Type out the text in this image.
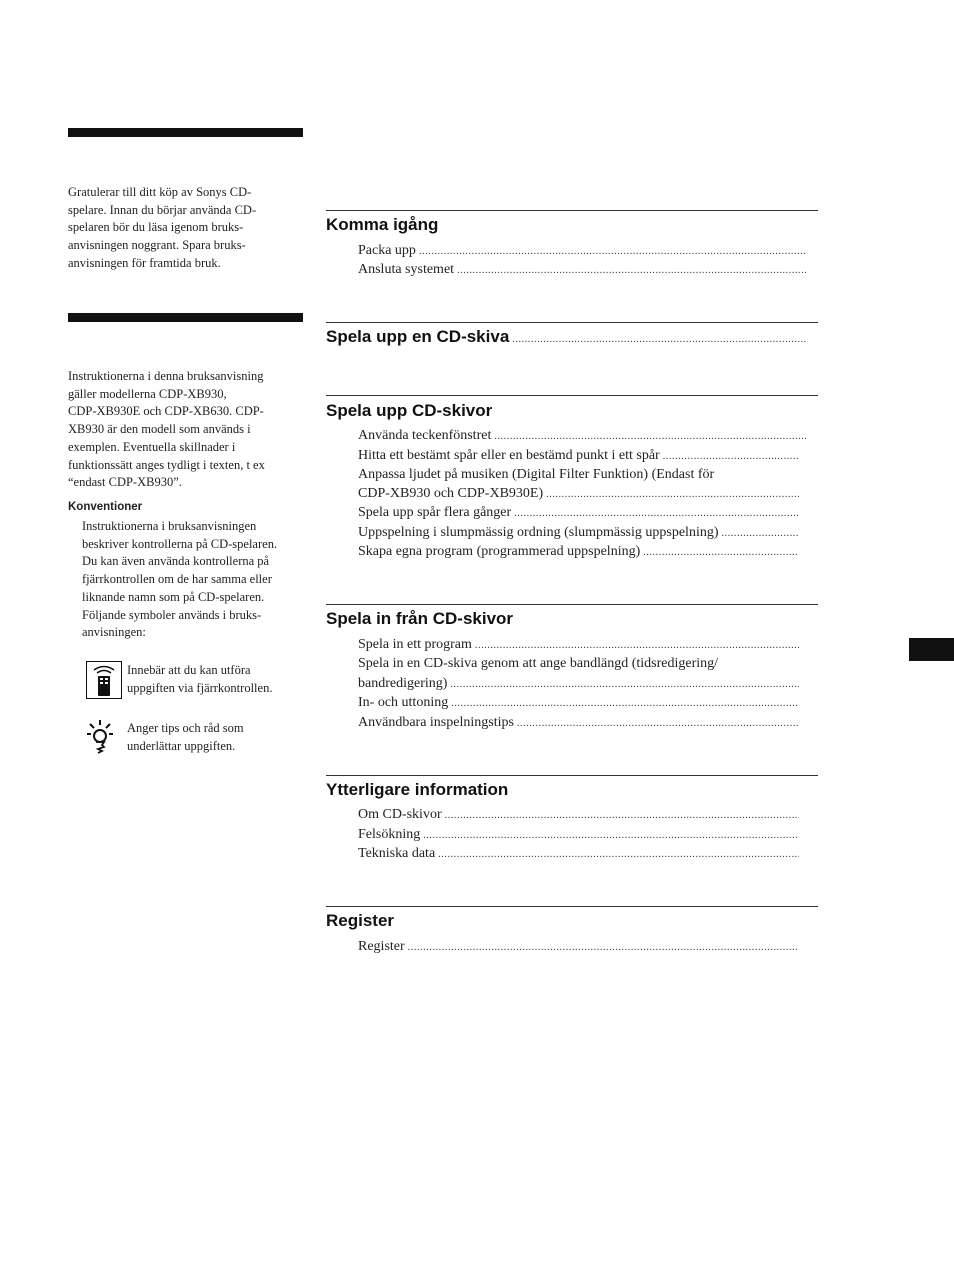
Gratulerar till ditt köp av Sonys CD-
spelare. Innan du börjar använda CD-
spelaren bör du läsa igenom bruks-
anvisningen noggrant. Spara bruks-
anvisningen för framtida bruk.
Instruktionerna i denna bruksanvisning
gäller modellerna CDP-XB930,
CDP-XB930E och CDP-XB630. CDP-
XB930 är den modell som används i
exemplen. Eventuella skillnader i
funktionssätt anges tydligt i texten, t ex
“endast CDP-XB930”.
Konventioner
Instruktionerna i bruksanvisningen
beskriver kontrollerna på CD-spelaren.
Du kan även använda kontrollerna på
fjärrkontrollen om de har samma eller
liknande namn som på CD-spelaren.
Följande symboler används i bruks-
anvisningen:
Innebär att du kan utföra
uppgiften via fjärrkontrollen.
Anger tips och råd som
underlättar uppgiften.
Komma igång
Packa upp
.....
Ansluta systemet
.....
Spela upp en CD-skiva
.....
Spela upp CD-skivor
Använda teckenfönstret
.....
Hitta ett bestämt spår eller en bestämd punkt i ett spår
.....
Anpassa ljudet på musiken (Digital Filter Funktion) (Endast för
CDP-XB930 och CDP-XB930E)
.....
Spela upp spår flera gånger
.....
Uppspelning i slumpmässig ordning (slumpmässig uppspelning)
.....
Skapa egna program (programmerad uppspelning)
.....
Spela in från CD-skivor
Spela in ett program
.....
Spela in en CD-skiva genom att ange bandlängd (tidsredigering/
bandredigering)
.....
In- och uttoning
.....
Användbara inspelningstips
.....
Ytterligare information
Om CD-skivor
.....
Felsökning
.....
Tekniska data
.....
Register
Register
.....
